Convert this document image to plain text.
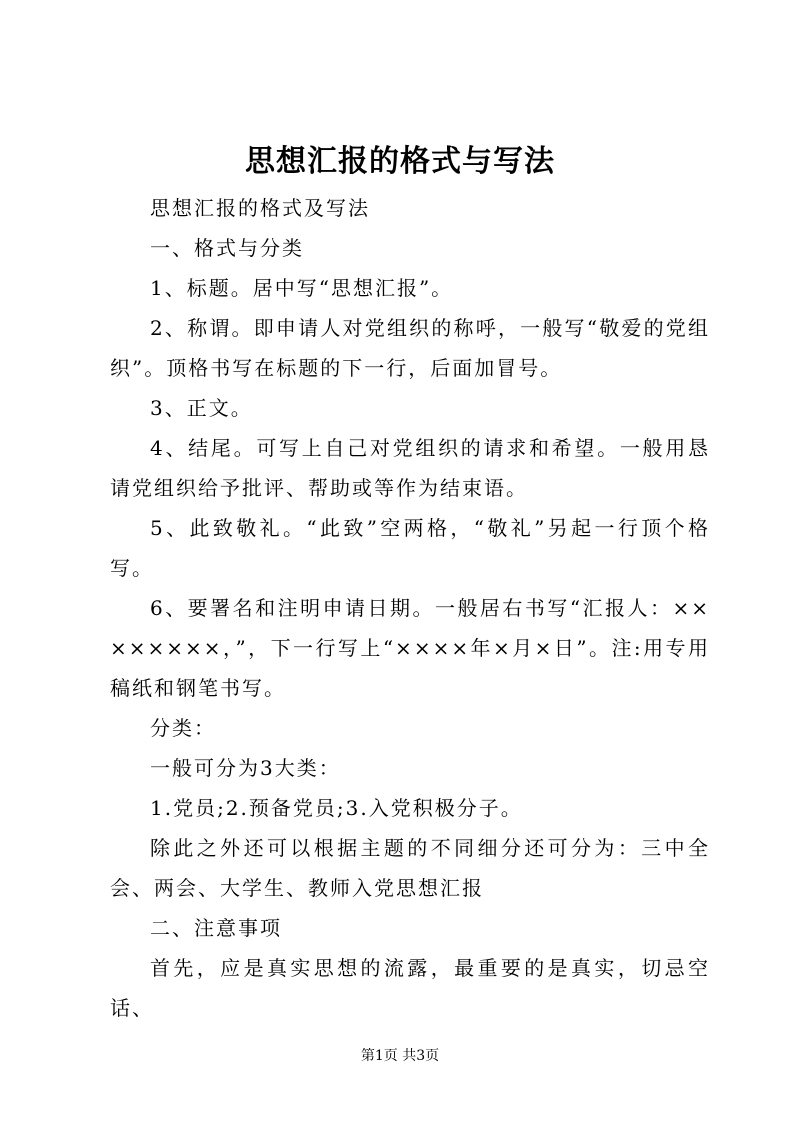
思想汇报的格式与写法

思想汇报的格式及写法

一、格式与分类

1、标题。居中写“思想汇报”。

2、称谓。即申请人对党组织的称呼，一般写“敬爱的党组织”。顶格书写在标题的下一行，后面加冒号。

3、正文。

4、结尾。可写上自己对党组织的请求和希望。一般用恳请党组织给予批评、帮助或等作为结束语。

5、此致敬礼。“此致”空两格，“敬礼”另起一行顶个格写。

6、要署名和注明申请日期。一般居右书写“汇报人：××××××××，”，下一行写上“××××年×月×日”。注:用专用稿纸和钢笔书写。

分类：

一般可分为3大类：

1.党员;2.预备党员;3.入党积极分子。

除此之外还可以根据主题的不同细分还可分为：三中全会、两会、大学生、教师入党思想汇报

二、注意事项

首先，应是真实思想的流露，最重要的是真实，切忌空话、

第1页 共3页
